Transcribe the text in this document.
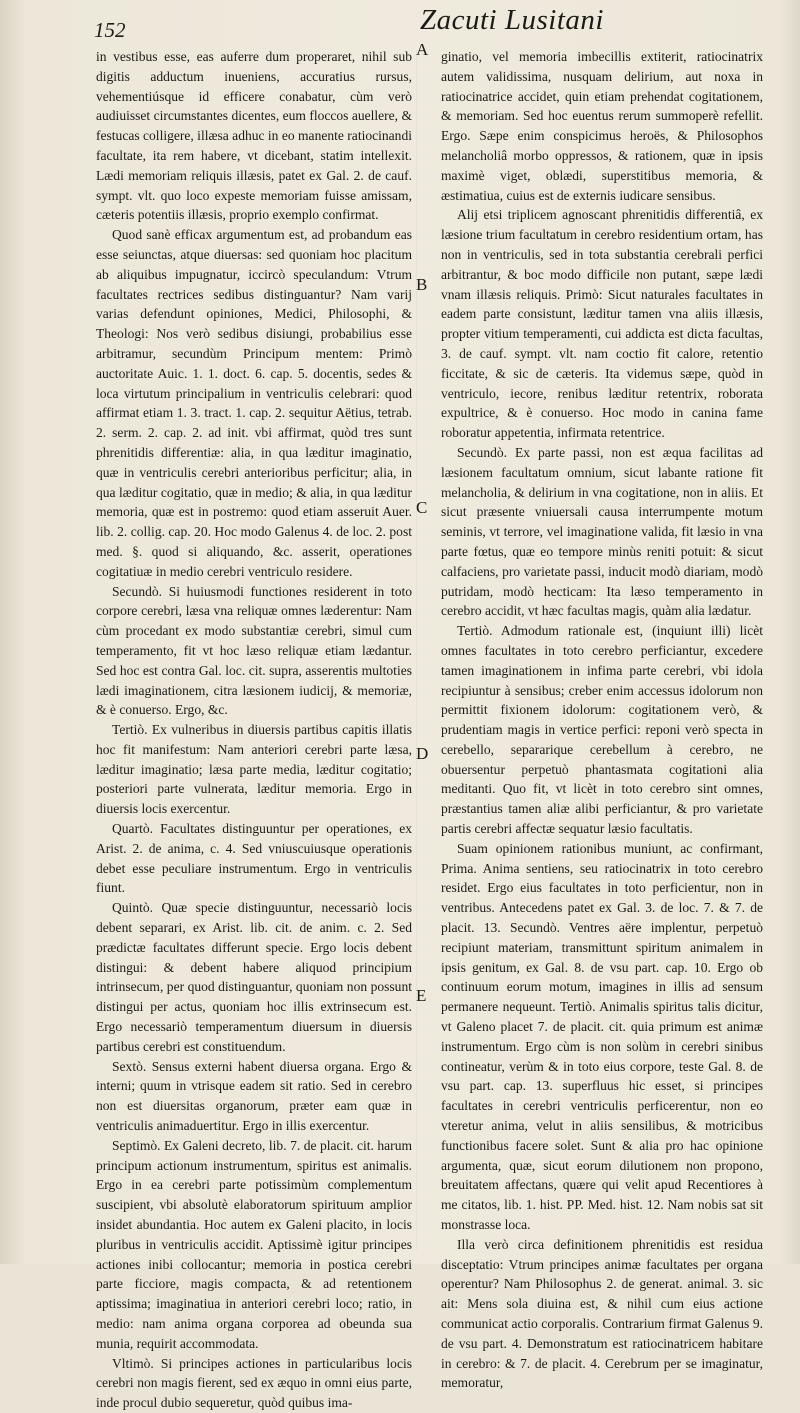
152	Zacuti Lusitani

in vestibus esse, eas auferre dum properaret, nihil sub digitis adductum inueniens, accuratius rursus, vehementiúsque id efficere conabatur, cùm verò audiuisset circumstantes dicentes, eum floccos auellere, & festucas colligere, illæsa adhuc in eo manente ratiocinandi facultate, ita rem habere, vt dicebant, statim intellexit. Lædi memoriam reliquis illæsis, patet ex Gal. 2. de cauf. sympt. vlt. quo loco expeste memoriam fuisse amissam, cæteris potentiis illæsis, proprio exemplo confirmat.

Quod sanè efficax argumentum est, ad probandum eas esse seiunctas, atque diuersas: sed quoniam hoc placitum ab aliquibus impugnatur, iccircò speculandum: Vtrum facultates rectrices sedibus distinguantur? Nam varij varias defendunt opiniones, Medici, Philosophi, & Theologi: Nos verò sedibus disiungi, probabilius esse arbitramur, secundùm Principum mentem: Primò auctoritate Auic. 1. 1. doct. 6. cap. 5. docentis, sedes & loca virtutum principalium in ventriculis celebrari: quod affirmat etiam 1. 3. tract. 1. cap. 2. sequitur Aëtius, tetrab. 2. serm. 2. cap. 2. ad init. vbi affirmat, quòd tres sunt phrenitidis differentiæ: alia, in qua læditur imaginatio, quæ in ventriculis cerebri anterioribus perficitur; alia, in qua læditur cogitatio, quæ in medio; & alia, in qua læditur memoria, quæ est in postremo: quod etiam asseruit Auer. lib. 2. collig. cap. 20. Hoc modo Galenus 4. de loc. 2. post med. §. quod si aliquando, &c. asserit, operationes cogitatiuæ in medio cerebri ventriculo residere.

Secundò. Si huiusmodi functiones residerent in toto corpore cerebri, læsa vna reliquæ omnes læderentur: Nam cùm procedant ex modo substantiæ cerebri, simul cum temperamento, fit vt hoc læso reliquæ etiam lædantur. Sed hoc est contra Gal. loc. cit. supra, asserentis multoties lædi imaginationem, citra læsionem iudicij, & memoriæ, & è conuerso. Ergo, &c.

Tertiò. Ex vulneribus in diuersis partibus capitis illatis hoc fit manifestum: Nam anteriori cerebri parte læsa, læditur imaginatio; læsa parte media, læditur cogitatio; posteriori parte vulnerata, læditur memoria. Ergo in diuersis locis exercentur.

Quartò. Facultates distinguuntur per operationes, ex Arist. 2. de anima, c. 4. Sed vniuscuiusque operationis debet esse peculiare instrumentum. Ergo in ventriculis fiunt.

Quintò. Quæ specie distinguuntur, necessariò locis debent separari, ex Arist. lib. cit. de anim. c. 2. Sed prædictæ facultates differunt specie. Ergo locis debent distingui: & debent habere aliquod principium intrinsecum, per quod distinguantur, quoniam non possunt distingui per actus, quoniam hoc illis extrinsecum est. Ergo necessariò temperamentum diuersum in diuersis partibus cerebri est constituendum.

Sextò. Sensus externi habent diuersa organa. Ergo & interni; quum in vtrisque eadem sit ratio. Sed in cerebro non est diuersitas organorum, præter eam quæ in ventriculis animaduertitur. Ergo in illis exercentur.

Septimò. Ex Galeni decreto, lib. 7. de placit. cit. harum principum actionum instrumentum, spiritus est animalis. Ergo in ea cerebri parte potissimùm complementum suscipient, vbi absolutè elaboratorum spirituum amplior insidet abundantia. Hoc autem ex Galeni placito, in locis pluribus in ventriculis accidit. Aptissimè igitur principes actiones inibi collocantur; memoria in postica cerebri parte ficciore, magis compacta, & ad retentionem aptissima; imaginatiua in anteriori cerebri loco; ratio, in medio: nam anima organa corporea ad obeunda sua munia, requirit accommodata.

Vltimò. Si principes actiones in particularibus locis cerebri non magis fierent, sed ex æquo in omni eius parte, inde procul dubio sequeretur, quòd quibus ima-

A
B
C
D
E

ginatio, vel memoria imbecillis extiterit, ratiocinatrix autem validissima, nusquam delirium, aut noxa in ratiocinatrice accidet, quin etiam prehendat cogitationem, & memoriam. Sed hoc euentus rerum summoperè refellit. Ergo. Sæpe enim conspicimus heroës, & Philosophos melancholiâ morbo oppressos, & rationem, quæ in ipsis maximè viget, oblædi, superstitibus memoria, & æstimatiua, cuius est de externis iudicare sensibus.

Alij etsi triplicem agnoscant phrenitidis differentiâ, ex læsione trium facultatum in cerebro residentium ortam, has non in ventriculis, sed in tota substantia cerebrali perfici arbitrantur, & boc modo difficile non putant, sæpe lædi vnam illæsis reliquis. Primò: Sicut naturales facultates in eadem parte consistunt, læditur tamen vna aliis illæsis, propter vitium temperamenti, cui addicta est dicta facultas, 3. de cauf. sympt. vlt. nam coctio fit calore, retentio ficcitate, & sic de cæteris. Ita videmus sæpe, quòd in ventriculo, iecore, renibus læditur retentrix, roborata expultrice, & è conuerso. Hoc modo in canina fame roboratur appetentia, infirmata retentrice.

Secundò. Ex parte passi, non est æqua facilitas ad læsionem facultatum omnium, sicut labante ratione fit melancholia, & delirium in vna cogitatione, non in aliis. Et sicut præsente vniuersali causa interrumpente motum seminis, vt terrore, vel imaginatione valida, fit læsio in vna parte fœtus, quæ eo tempore minùs reniti potuit: & sicut calfaciens, pro varietate passi, inducit modò diariam, modò putridam, modò hecticam: Ita læso temperamento in cerebro accidit, vt hæc facultas magis, quàm alia lædatur.

Tertiò. Admodum rationale est, (inquiunt illi) licèt omnes facultates in toto cerebro perficiantur, excedere tamen imaginationem in infima parte cerebri, vbi idola recipiuntur à sensibus; creber enim accessus idolorum non permittit fixionem idolorum: cogitationem verò, & prudentiam magis in vertice perfici: reponi verò specta in cerebello, separarique cerebellum à cerebro, ne obuersentur perpetuò phantasmata cogitationi alia meditanti. Quo fit, vt licèt in toto cerebro sint omnes, præstantius tamen aliæ alibi perficiantur, & pro varietate partis cerebri affectæ sequatur læsio facultatis.

Suam opinionem rationibus muniunt, ac confirmant, Prima. Anima sentiens, seu ratiocinatrix in toto cerebro residet. Ergo eius facultates in toto perficientur, non in ventribus. Antecedens patet ex Gal. 3. de loc. 7. & 7. de placit. 13. Secundò. Ventres aëre implentur, perpetuò recipiunt materiam, transmittunt spiritum animalem in ipsis genitum, ex Gal. 8. de vsu part. cap. 10. Ergo ob continuum eorum motum, imagines in illis ad sensum permanere nequeunt. Tertiò. Animalis spiritus talis dicitur, vt Galeno placet 7. de placit. cit. quia primum est animæ instrumentum. Ergo cùm is non solùm in cerebri sinibus contineatur, verùm & in toto eius corpore, teste Gal. 8. de vsu part. cap. 13. superfluus hic esset, si principes facultates in cerebri ventriculis perficerentur, non eo vteretur anima, velut in aliis sensilibus, & motricibus functionibus facere solet. Sunt & alia pro hac opinione argumenta, quæ, sicut eorum dilutionem non propono, breuitatem affectans, quære qui velit apud Recentiores à me citatos, lib. 1. hist. PP. Med. hist. 12. Nam nobis sat sit monstrasse loca.

Illa verò circa definitionem phrenitidis est residua disceptatio: Vtrum principes animæ facultates per organa operentur? Nam Philosophus 2. de generat. animal. 3. sic ait: Mens sola diuina est, & nihil cum eius actione communicat actio corporalis. Contrarium firmat Galenus 9. de vsu part. 4. Demonstratum est ratiocinatricem habitare in cerebro: & 7. de placit. 4. Cerebrum per se imaginatur, memoratur,
